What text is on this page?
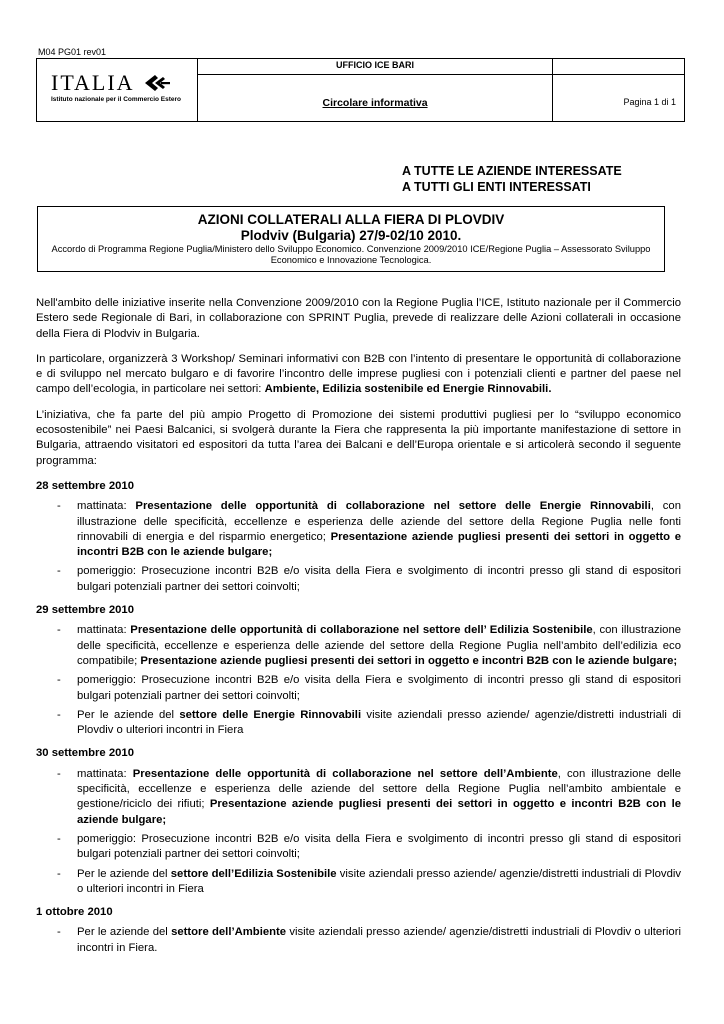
M04 PG01 rev01
ITALIA
Istituto nazionale per il Commercio Estero	UFFICIO ICE BARI	

	Circolare informativa	Pagina 1 di 1
A TUTTE LE AZIENDE INTERESSATE
A TUTTI GLI ENTI INTERESSATI
AZIONI COLLATERALI ALLA FIERA DI PLOVDIV
Plodviv (Bulgaria) 27/9-02/10 2010.
Accordo di Programma Regione Puglia/Ministero dello Sviluppo Economico. Convenzione 2009/2010 ICE/Regione Puglia – Assessorato Sviluppo Economico e Innovazione Tecnologica.

Nell'ambito delle iniziative inserite nella Convenzione 2009/2010 con la Regione Puglia l’ICE, Istituto nazionale per il Commercio Estero sede Regionale di Bari, in collaborazione con SPRINT Puglia, prevede di realizzare delle Azioni collaterali in occasione della Fiera di Plodviv in Bulgaria.

In particolare, organizzerà 3 Workshop/ Seminari informativi con B2B con l’intento di presentare le opportunità di collaborazione e di sviluppo nel mercato bulgaro e di favorire l’incontro delle imprese pugliesi con i potenziali clienti e partner del paese nel campo dell’ecologia, in particolare nei settori: Ambiente, Edilizia sostenibile ed Energie Rinnovabili.

L’iniziativa, che fa parte del più ampio Progetto di Promozione dei sistemi produttivi pugliesi per lo “sviluppo economico ecosostenibile” nei Paesi Balcanici, si svolgerà durante la Fiera che rappresenta la più importante manifestazione di settore in Bulgaria, attraendo visitatori ed espositori da tutta l’area dei Balcani e dell’Europa orientale e si articolerà secondo il seguente programma:

28 settembre 2010
- mattinata: Presentazione delle opportunità di collaborazione nel settore delle Energie Rinnovabili, con illustrazione delle specificità, eccellenze e esperienza delle aziende del settore della Regione Puglia nelle fonti rinnovabili di energia e del risparmio energetico; Presentazione aziende pugliesi presenti dei settori in oggetto e incontri B2B con le aziende bulgare;
- pomeriggio: Prosecuzione incontri B2B e/o visita della Fiera e svolgimento di incontri presso gli stand di espositori bulgari potenziali partner dei settori coinvolti;
29 settembre 2010
- mattinata: Presentazione delle opportunità di collaborazione nel settore dell’ Edilizia Sostenibile, con illustrazione delle specificità, eccellenze e esperienza delle aziende del settore della Regione Puglia nell’ambito dell’edilizia eco compatibile; Presentazione aziende pugliesi presenti dei settori in oggetto e incontri B2B con le aziende bulgare;
- pomeriggio: Prosecuzione incontri B2B e/o visita della Fiera e svolgimento di incontri presso gli stand di espositori bulgari potenziali partner dei settori coinvolti;
- Per le aziende del settore delle Energie Rinnovabili visite aziendali presso aziende/ agenzie/distretti industriali di Plovdiv o ulteriori incontri in Fiera
30 settembre 2010
- mattinata: Presentazione delle opportunità di collaborazione nel settore dell’Ambiente, con illustrazione delle specificità, eccellenze e esperienza delle aziende del settore della Regione Puglia nell’ambito ambientale e gestione/riciclo dei rifiuti; Presentazione aziende pugliesi presenti dei settori in oggetto e incontri B2B con le aziende bulgare;
- pomeriggio: Prosecuzione incontri B2B e/o visita della Fiera e svolgimento di incontri presso gli stand di espositori bulgari potenziali partner dei settori coinvolti;
- Per le aziende del settore dell’Edilizia Sostenibile visite aziendali presso aziende/ agenzie/distretti industriali di Plovdiv o ulteriori incontri in Fiera
1 ottobre 2010
- Per le aziende del settore dell’Ambiente visite aziendali presso aziende/ agenzie/distretti industriali di Plovdiv o ulteriori incontri in Fiera.
